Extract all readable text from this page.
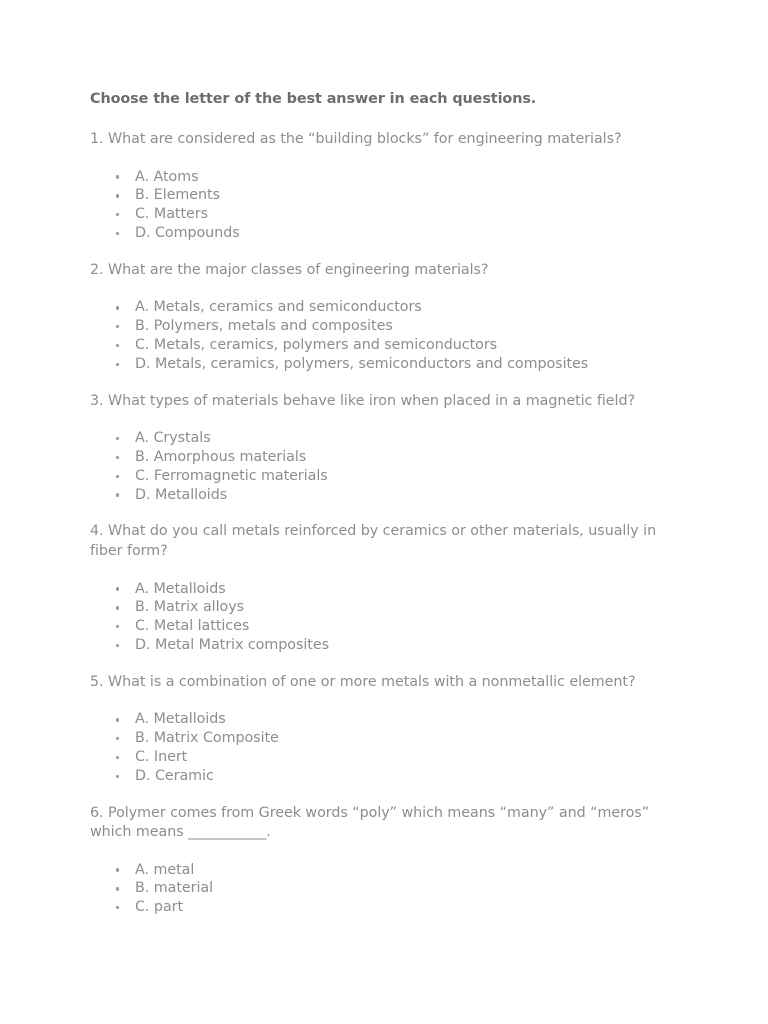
Choose the letter of the best answer in each questions.

1. What are considered as the “building blocks” for engineering materials?

A. Atoms
B. Elements
C. Matters
D. Compounds

2. What are the major classes of engineering materials?

A. Metals, ceramics and semiconductors
B. Polymers, metals and composites
C. Metals, ceramics, polymers and semiconductors
D. Metals, ceramics, polymers, semiconductors and composites

3. What types of materials behave like iron when placed in a magnetic field?

A. Crystals
B. Amorphous materials
C. Ferromagnetic materials
D. Metalloids

4. What do you call metals reinforced by ceramics or other materials, usually in fiber form?

A. Metalloids
B. Matrix alloys
C. Metal lattices
D. Metal Matrix composites

5. What is a combination of one or more metals with a nonmetallic element?

A. Metalloids
B. Matrix Composite
C. Inert
D. Ceramic

6. Polymer comes from Greek words “poly” which means “many” and “meros” which means ___________.

A. metal
B. material
C. part
